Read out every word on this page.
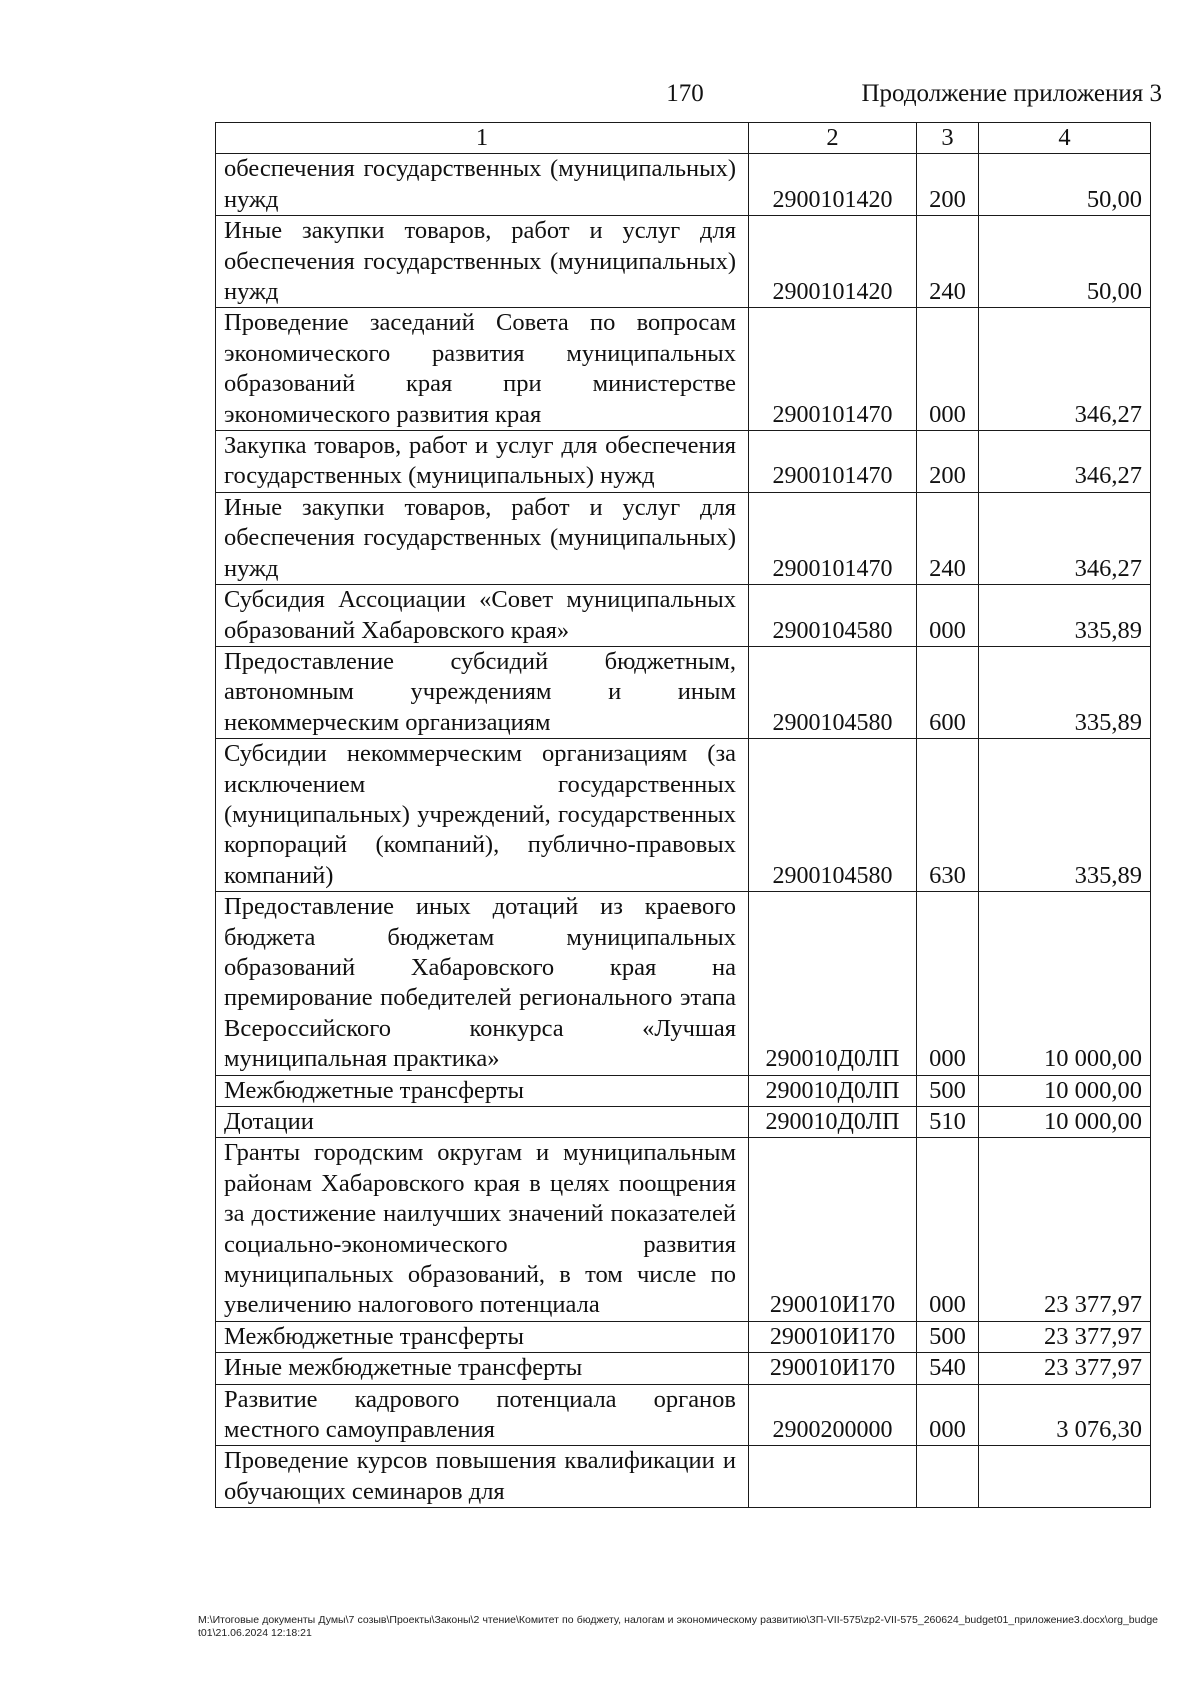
170	Продолжение приложения 3
1	2	3	4
обеспечения государственных (муниципальных) нужд	2900101420	200	50,00
Иные закупки товаров, работ и услуг для обеспечения государственных (муниципальных) нужд	2900101420	240	50,00
Проведение заседаний Совета по вопросам экономического развития муниципальных образований края при министерстве экономического развития края	2900101470	000	346,27
Закупка товаров, работ и услуг для обеспечения государственных (муниципальных) нужд	2900101470	200	346,27
Иные закупки товаров, работ и услуг для обеспечения государственных (муниципальных) нужд	2900101470	240	346,27
Субсидия Ассоциации «Совет муниципальных образований Хабаровского края»	2900104580	000	335,89
Предоставление субсидий бюджетным, автономным учреждениям и иным некоммерческим организациям	2900104580	600	335,89
Субсидии некоммерческим организациям (за исключением государственных (муниципальных) учреждений, государственных корпораций (компаний), публично-правовых компаний)	2900104580	630	335,89
Предоставление иных дотаций из краевого бюджета бюджетам муниципальных образований Хабаровского края на премирование победителей регионального этапа Всероссийского конкурса «Лучшая муниципальная практика»	290010Д0ЛП	000	10 000,00
Межбюджетные трансферты	290010Д0ЛП	500	10 000,00
Дотации	290010Д0ЛП	510	10 000,00
Гранты городским округам и муниципальным районам Хабаровского края в целях поощрения за достижение наилучших значений показателей социально-экономического развития муниципальных образований, в том числе по увеличению налогового потенциала	290010И170	000	23 377,97
Межбюджетные трансферты	290010И170	500	23 377,97
Иные межбюджетные трансферты	290010И170	540	23 377,97
Развитие кадрового потенциала органов местного самоуправления	2900200000	000	3 076,30
Проведение курсов повышения квалификации и обучающих семинаров для			
М:\Итоговые документы Думы\7 созыв\Проекты\Законы\2 чтение\Комитет по бюджету, налогам и экономическому развитию\ЗП-VII-575\zp2-VII-575_260624_budget01_приложение3.docx\org_budget01\21.06.2024 12:18:21
